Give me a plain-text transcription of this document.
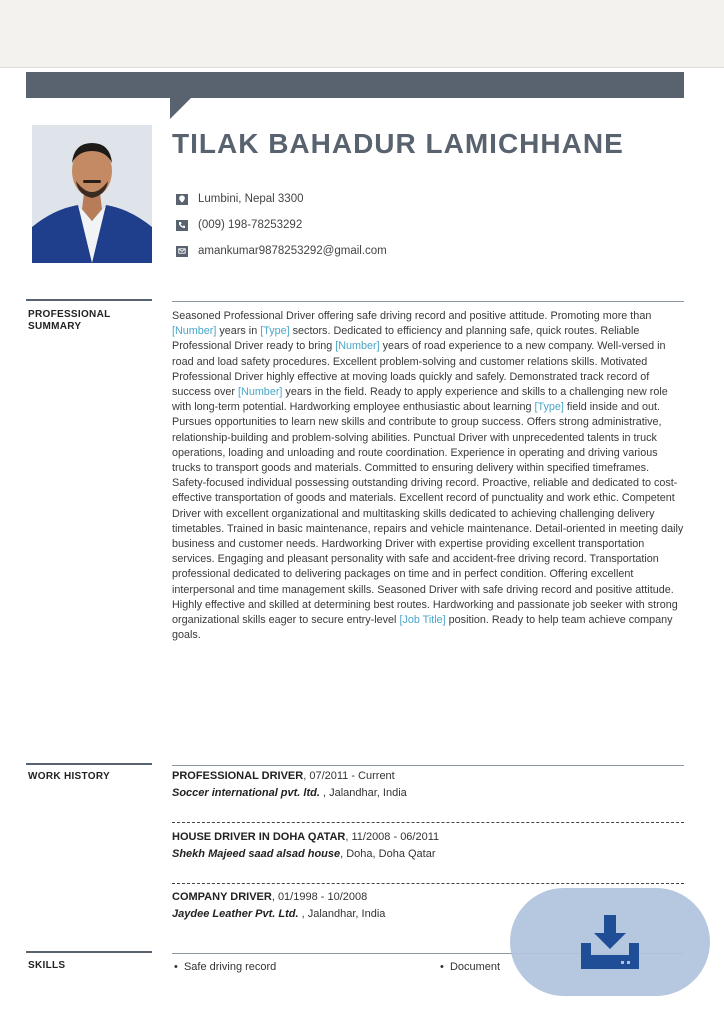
TILAK BAHADUR LAMICHHANE
Lumbini, Nepal 3300
(009) 198-78253292
amankumar9878253292@gmail.com
PROFESSIONAL SUMMARY
Seasoned Professional Driver offering safe driving record and positive attitude. Promoting more than [Number] years in [Type] sectors. Dedicated to efficiency and planning safe, quick routes. Reliable Professional Driver ready to bring [Number] years of road experience to a new company. Well-versed in road and load safety procedures. Excellent problem-solving and customer relations skills. Motivated Professional Driver highly effective at moving loads quickly and safely. Demonstrated track record of success over [Number] years in the field. Ready to apply experience and skills to a challenging new role with long-term potential. Hardworking employee enthusiastic about learning [Type] field inside and out. Pursues opportunities to learn new skills and contribute to group success. Offers strong administrative, relationship-building and problem-solving abilities. Punctual Driver with unprecedented talents in truck operations, loading and unloading and route coordination. Experience in operating and driving various trucks to transport goods and materials. Committed to ensuring delivery within specified timeframes. Safety-focused individual possessing outstanding driving record. Proactive, reliable and dedicated to cost-effective transportation of goods and materials. Excellent record of punctuality and work ethic. Competent Driver with excellent organizational and multitasking skills dedicated to achieving challenging delivery timetables. Trained in basic maintenance, repairs and vehicle maintenance. Detail-oriented in meeting daily business and customer needs. Hardworking Driver with expertise providing excellent transportation services. Engaging and pleasant personality with safe and accident-free driving record. Transportation professional dedicated to delivering packages on time and in perfect condition. Offering excellent interpersonal and time management skills. Seasoned Driver with safe driving record and positive attitude. Highly effective and skilled at determining best routes. Hardworking and passionate job seeker with strong organizational skills eager to secure entry-level [Job Title] position. Ready to help team achieve company goals.
WORK HISTORY	PROFESSIONAL DRIVER, 07/2011 - Current
Soccer international pvt. ltd. , Jalandhar, India
HOUSE DRIVER IN DOHA QATAR, 11/2008 - 06/2011
Shekh Majeed saad alsad house, Doha, Doha Qatar
COMPANY DRIVER, 01/1998 - 10/2008
Jaydee Leather Pvt. Ltd. , Jalandhar, India
SKILLS	•  Safe driving record	•  Document
